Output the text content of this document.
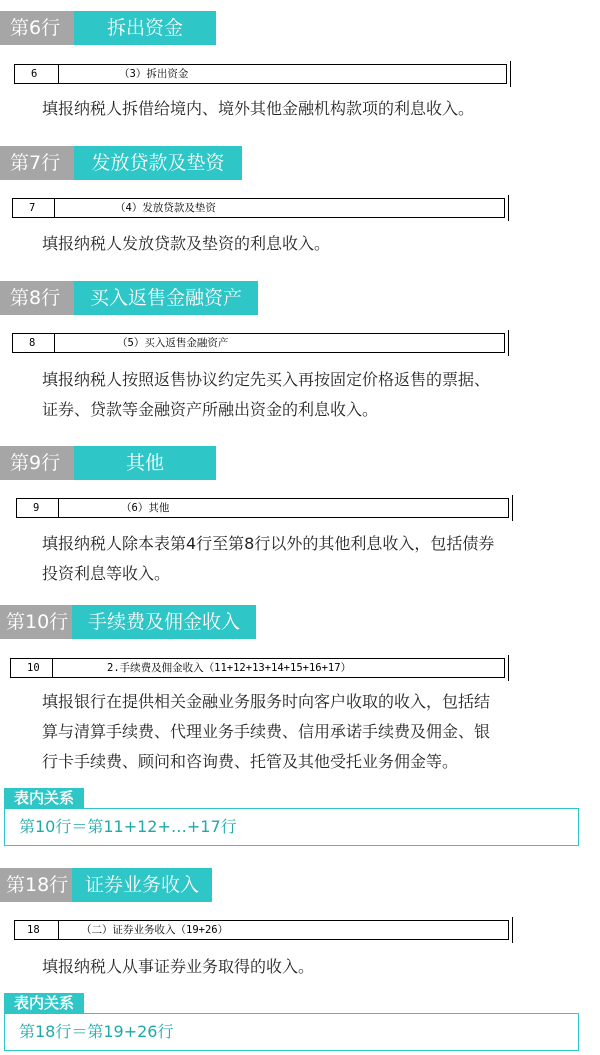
第6行	拆出资金
6	（3）拆出资金
填报纳税人拆借给境内、境外其他金融机构款项的利息收入。
第7行	发放贷款及垫资
7	（4）发放贷款及垫资
填报纳税人发放贷款及垫资的利息收入。
第8行	买入返售金融资产
8	（5）买入返售金融资产
填报纳税人按照返售协议约定先买入再按固定价格返售的票据、
证券、贷款等金融资产所融出资金的利息收入。
第9行	其他
9	（6）其他
填报纳税人除本表第4行至第8行以外的其他利息收入，包括债券
投资利息等收入。
第10行	手续费及佣金收入
10	2.手续费及佣金收入（11+12+13+14+15+16+17）
填报银行在提供相关金融业务服务时向客户收取的收入，包括结
算与清算手续费、代理业务手续费、信用承诺手续费及佣金、银
行卡手续费、顾问和咨询费、托管及其他受托业务佣金等。
表内关系
第10行＝第11+12+…+17行
第18行 证券业务收入
18	（二）证券业务收入（19+26）
填报纳税人从事证券业务取得的收入。
表内关系
第18行＝第19+26行
